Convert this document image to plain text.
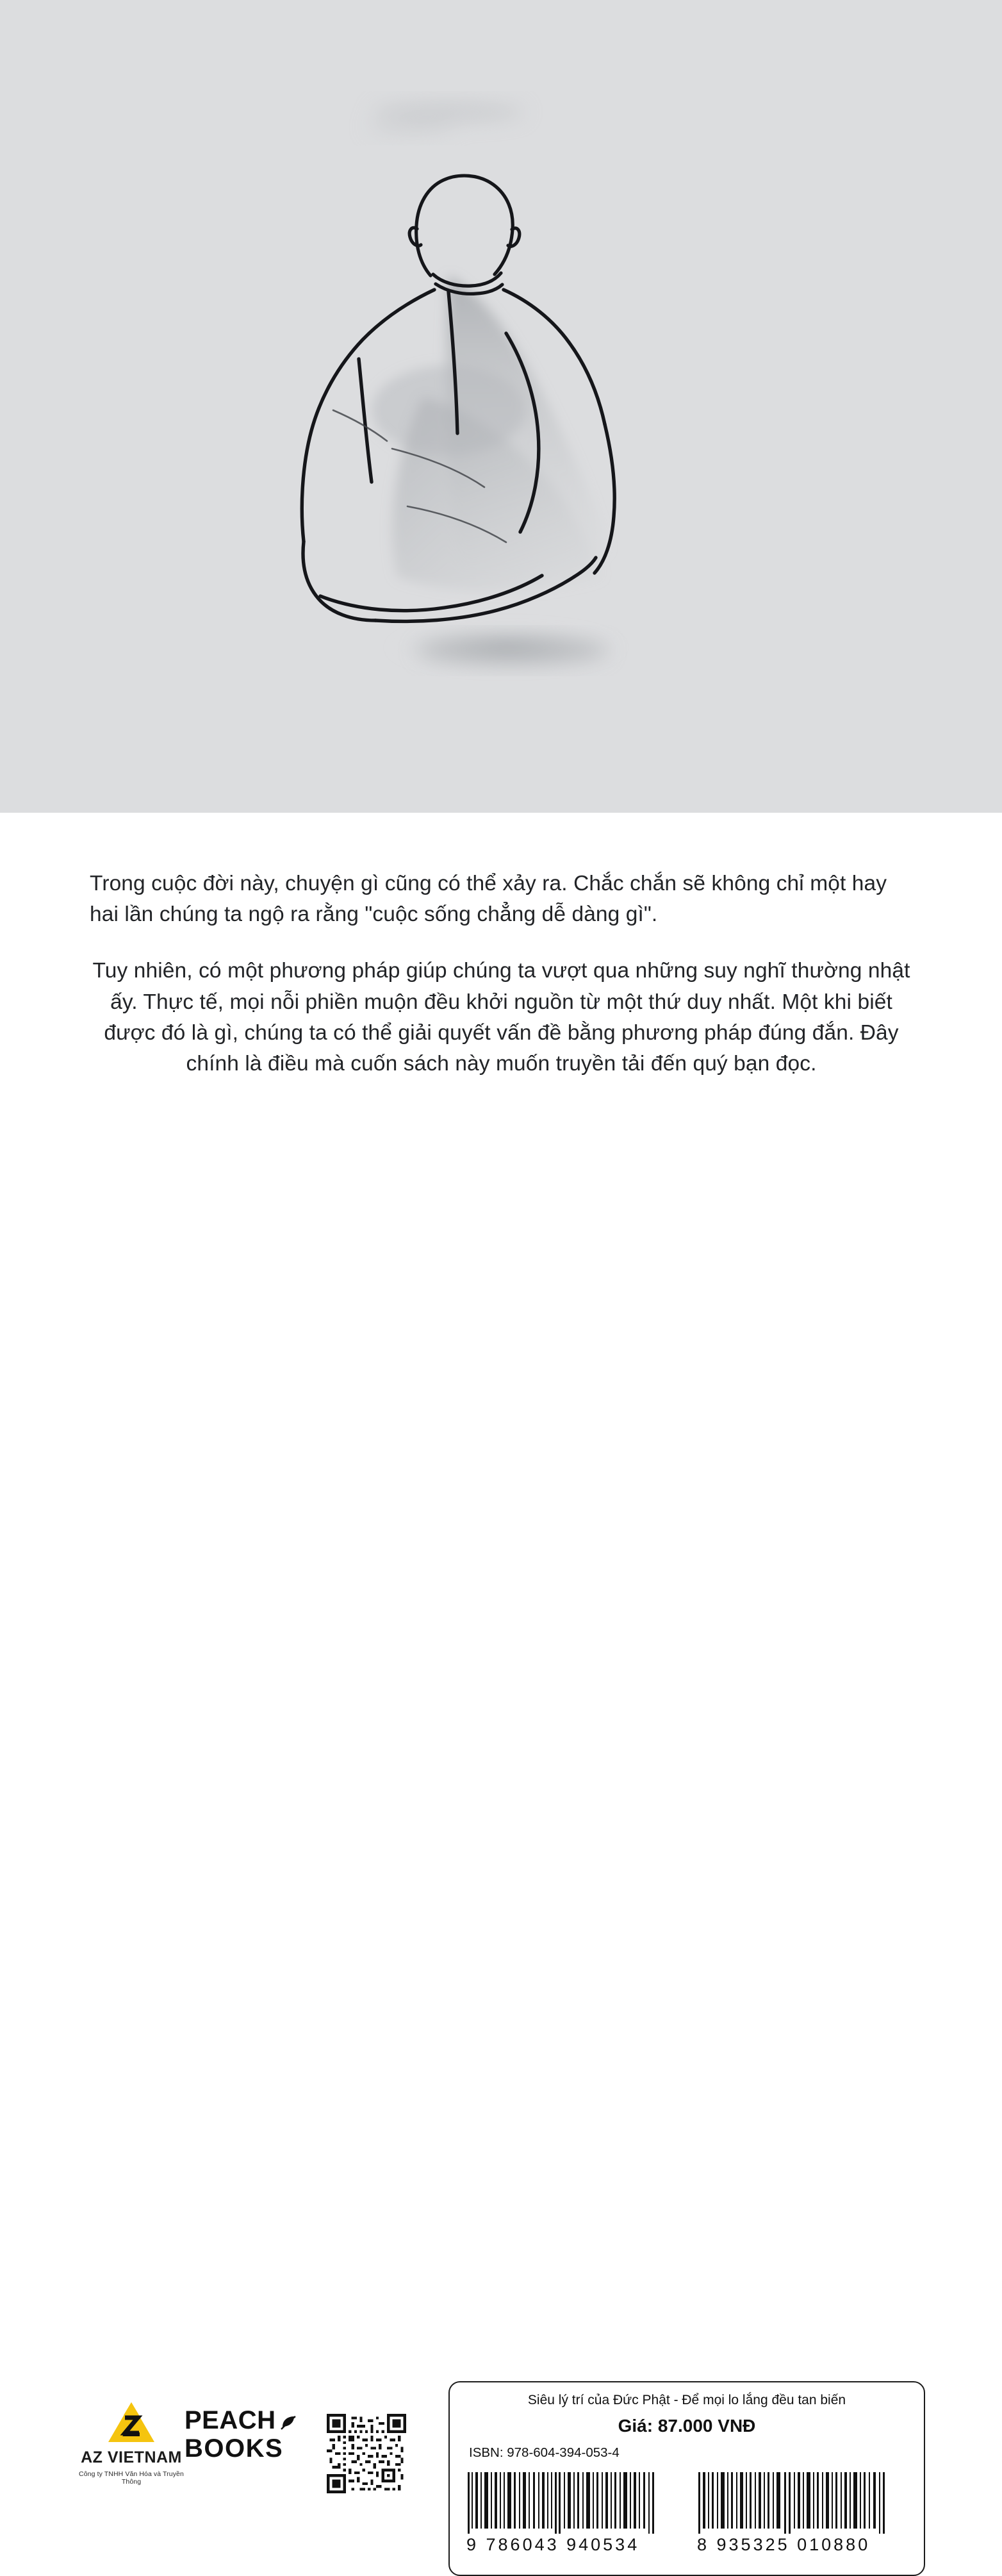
Trong cuộc đời này, chuyện gì cũng có thể xảy ra. Chắc chắn sẽ không chỉ một hay hai lần chúng ta ngộ ra rằng "cuộc sống chẳng dễ dàng gì".

Tuy nhiên, có một phương pháp giúp chúng ta vượt qua những suy nghĩ thường nhật ấy. Thực tế, mọi nỗi phiền muộn đều khởi nguồn từ một thứ duy nhất. Một khi biết được đó là gì, chúng ta có thể giải quyết vấn đề bằng phương pháp đúng đắn. Đây chính là điều mà cuốn sách này muốn truyền tải đến quý bạn đọc.

AZ VIETNAM
Công ty TNHH Văn Hóa và Truyền Thông
PEACH
BOOKS
Siêu lý trí của Đức Phật - Để mọi lo lắng đều tan biến
Giá: 87.000 VNĐ
ISBN: 978-604-394-053-4
9 786043 940534	8 935325 010880
